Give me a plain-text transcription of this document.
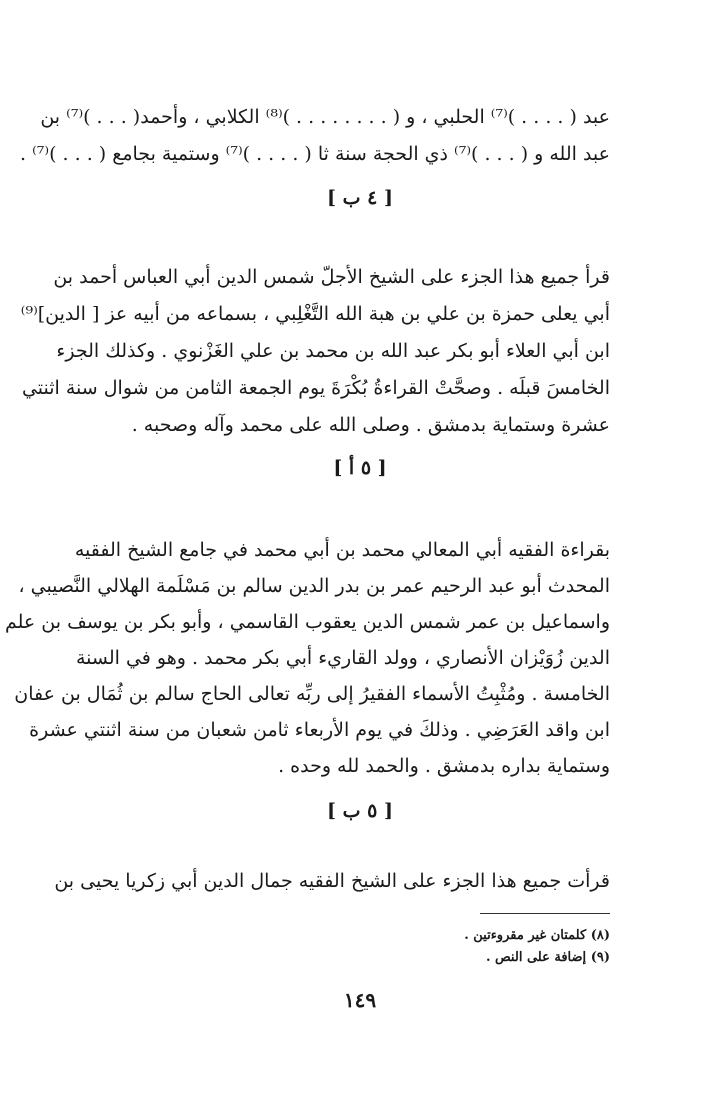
عبد ( . . . . )⁽⁷⁾ الحلبي ، و ( . . . . . . . . )⁽⁸⁾ الكلابي ، وأحمد( . . . )⁽⁷⁾ بن
عبد الله و ( . . . )⁽⁷⁾ ذي الحجة سنة ثا ( . . . . )⁽⁷⁾ وستمية بجامع ( . . . )⁽⁷⁾ .
[ ٤ ب ]
قرأ جميع هذا الجزء على الشيخ الأجلّ شمس الدين أبي العباس أحمد بن
أبي يعلى حمزة بن علي بن هبة الله التَّغْلِبي ، بسماعه من أبيه عز [ الدين]⁽⁹⁾
ابن أبي العلاء أبو بكر عبد الله بن محمد بن علي الغَزْنوي . وكذلك الجزء
الخامسَ قبلَه . وصحَّتْ القراءةُ بُكْرَةَ يوم الجمعة الثامن من شوال سنة اثنتي
عشرة وستماية بدمشق . وصلى الله على محمد وآله وصحبه .
[ ٥ أ ]
بقراءة الفقيه أبي المعالي محمد بن أبي محمد في جامع الشيخ الفقيه
المحدث أبو عبد الرحيم عمر بن بدر الدين سالم بن مَسْلَمة الهلالي النَّصيبي ،
واسماعيل بن عمر شمس الدين يعقوب القاسمي ، وأبو بكر بن يوسف بن علم
الدين زُوَيْزان الأنصاري ، وولد القاريء أبي بكر محمد . وهو في السنة
الخامسة . ومُثْبِتُ الأسماء الفقيرُ إلى ربِّه تعالى الحاج سالم بن ثُمَال بن عفان
ابن واقد العَرَضِي . وذلكَ في يوم الأربعاء ثامن شعبان من سنة اثنتي عشرة
وستماية بداره بدمشق . والحمد لله وحده .
[ ٥ ب ]
قرأت جميع هذا الجزء على الشيخ الفقيه جمال الدين أبي زكريا يحيى بن
(٨) كلمتان غير مقروءتين .
(٩) إضافة على النص .
١٤٩
